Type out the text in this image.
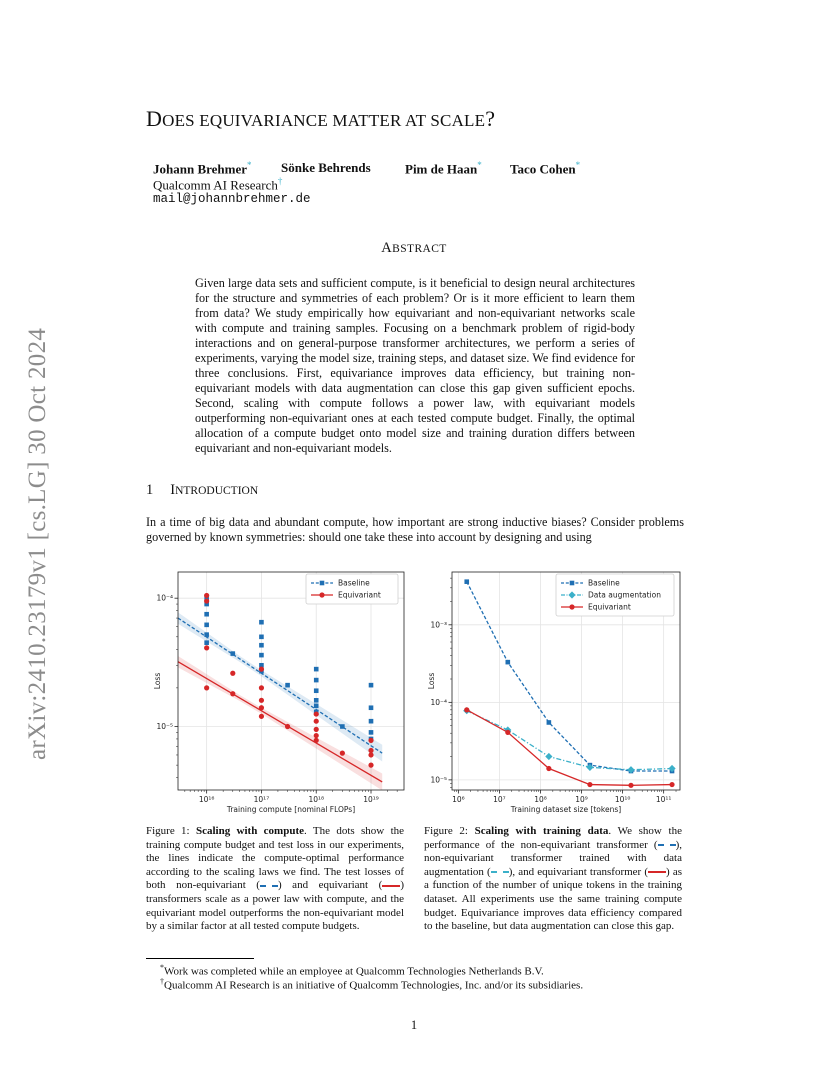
arXiv:2410.23179v1 [cs.LG] 30 Oct 2024
DOES EQUIVARIANCE MATTER AT SCALE?
Johann Brehmer* Sönke Behrends	Pim de Haan* Taco Cohen*
Qualcomm AI Research†
mail@johannbrehmer.de
ABSTRACT
Given large data sets and sufficient compute, is it beneficial to design neural architectures for the structure and symmetries of each problem? Or is it more efficient to learn them from data? We study empirically how equivariant and non-equivariant networks scale with compute and training samples. Focusing on a benchmark problem of rigid-body interactions and on general-purpose transformer architectures, we perform a series of experiments, varying the model size, training steps, and dataset size. We find evidence for three conclusions. First, equivariance improves data efficiency, but training non-equivariant models with data augmentation can close this gap given sufficient epochs. Second, scaling with compute follows a power law, with equivariant models outperforming non-equivariant ones at each tested compute budget. Finally, the optimal allocation of a compute budget onto model size and training duration differs between equivariant and non-equivariant models.
1 INTRODUCTION
In a time of big data and abundant compute, how important are strong inductive biases? Consider problems governed by known symmetries: should one take these into account by designing and using
10¹⁶	10¹⁷	10¹⁸	10¹⁹
10⁻⁴
10⁻⁵
Training compute [nominal FLOPs]
Loss
Baseline
Equivariant
10⁶	10⁷	10⁸	10⁹	10¹⁰	10¹¹
10⁻³
10⁻⁴
10⁻⁵
Training dataset size [tokens]
Loss
Baseline
Data augmentation
Equivariant
Figure 1: Scaling with compute. The dots show the training compute budget and test loss in our experiments, the lines indicate the compute-optimal performance according to the scaling laws we find. The test losses of both non-equivariant ( ) and equivariant ( ) transformers scale as a power law with compute, and the equivariant model outperforms the non-equivariant model by a similar factor at all tested compute budgets.
Figure 2: Scaling with training data. We show the performance of the non-equivariant transformer ( ), non-equivariant transformer trained with data augmentation ( ), and equivariant transformer ( ) as a function of the number of unique tokens in the training dataset. All experiments use the same training compute budget. Equivariance improves data efficiency compared to the baseline, but data augmentation can close this gap.
*Work was completed while an employee at Qualcomm Technologies Netherlands B.V.
†Qualcomm AI Research is an initiative of Qualcomm Technologies, Inc. and/or its subsidiaries.
1
